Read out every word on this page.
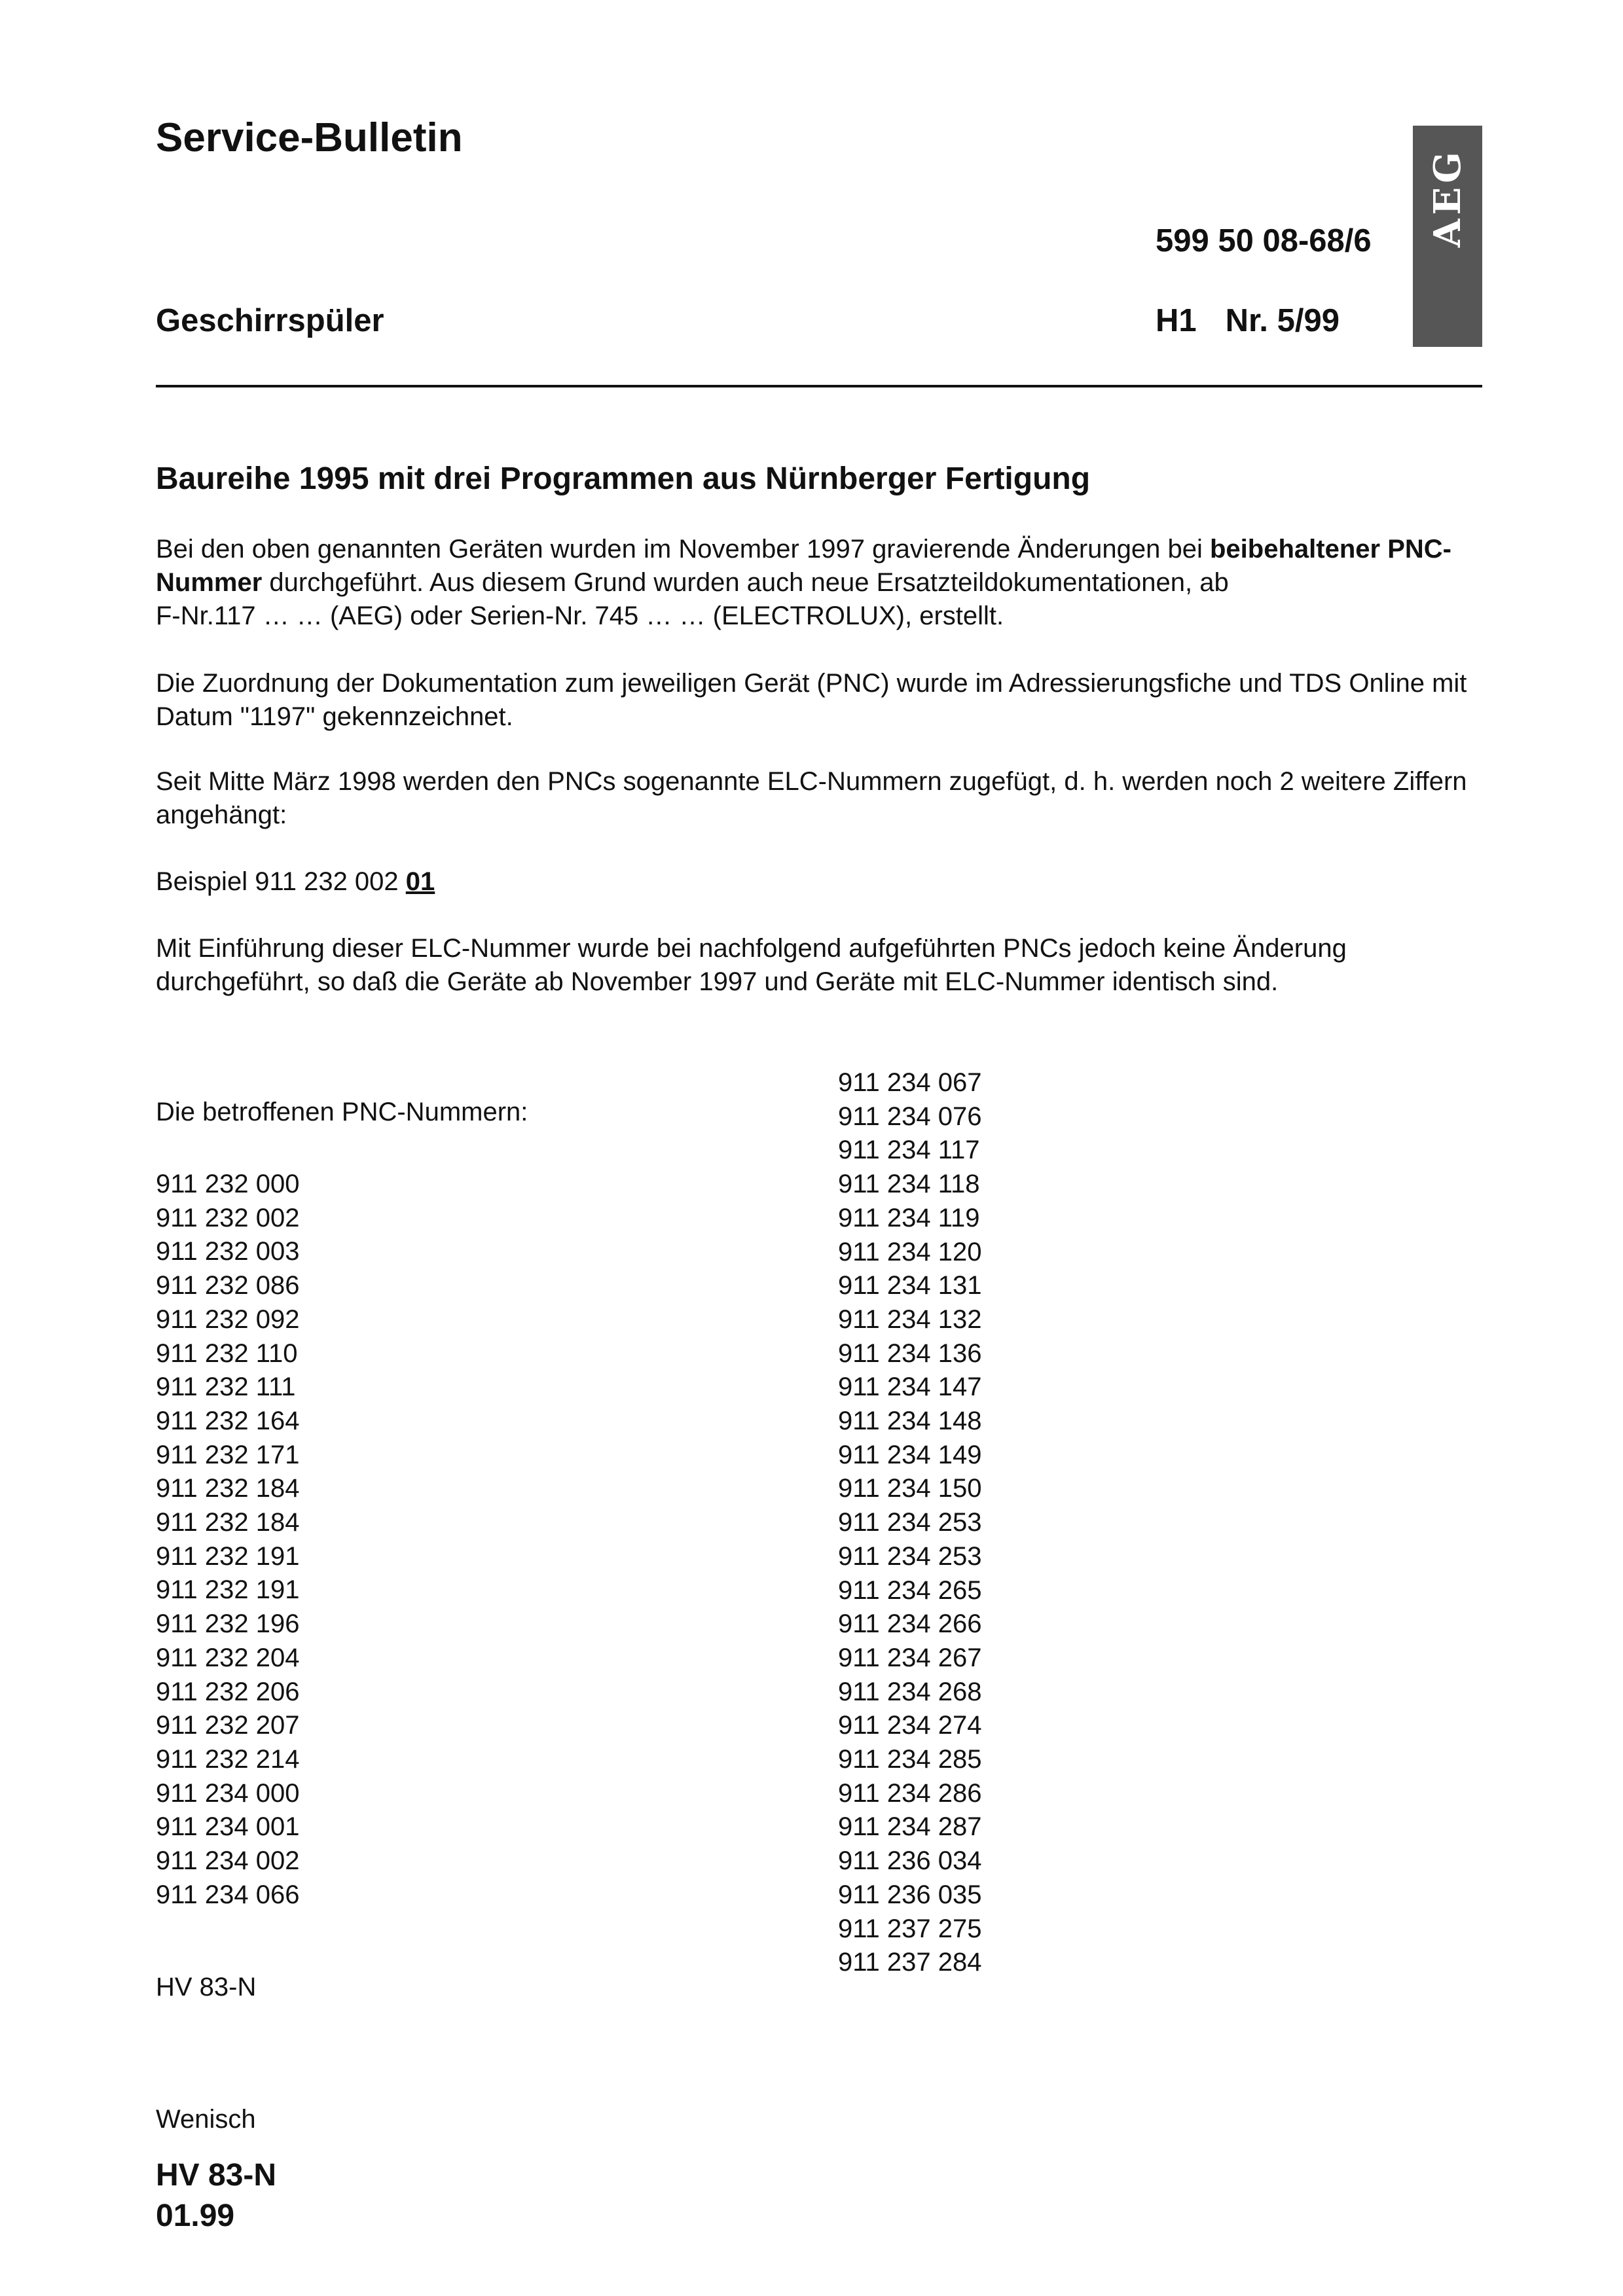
Service-Bulletin
599 50 08-68/6 AEG
Geschirrspüler	H1 Nr. 5/99
Baureihe 1995 mit drei Programmen aus Nürnberger Fertigung
Bei den oben genannten Geräten wurden im November 1997 gravierende Änderungen bei beibehaltener PNC-Nummer durchgeführt. Aus diesem Grund wurden auch neue Ersatzteildokumentationen, ab
F-Nr.117 … … (AEG) oder Serien-Nr. 745 … … (ELECTROLUX), erstellt.
Die Zuordnung der Dokumentation zum jeweiligen Gerät (PNC) wurde im Adressierungsfiche und TDS Online mit Datum "1197" gekennzeichnet.
Seit Mitte März 1998 werden den PNCs sogenannte ELC-Nummern zugefügt, d. h. werden noch 2 weitere Ziffern angehängt:
Beispiel 911 232 002 01
Mit Einführung dieser ELC-Nummer wurde bei nachfolgend aufgeführten PNCs jedoch keine Änderung durchgeführt, so daß die Geräte ab November 1997 und Geräte mit ELC-Nummer identisch sind.
Die betroffenen PNC-Nummern:
911 232 000
911 232 002
911 232 003
911 232 086
911 232 092
911 232 110
911 232 111
911 232 164
911 232 171
911 232 184
911 232 184
911 232 191
911 232 191
911 232 196
911 232 204
911 232 206
911 232 207
911 232 214
911 234 000
911 234 001
911 234 002
911 234 066
911 234 067
911 234 076
911 234 117
911 234 118
911 234 119
911 234 120
911 234 131
911 234 132
911 234 136
911 234 147
911 234 148
911 234 149
911 234 150
911 234 253
911 234 253
911 234 265
911 234 266
911 234 267
911 234 268
911 234 274
911 234 285
911 234 286
911 234 287
911 236 034
911 236 035
911 237 275
911 237 284
HV 83-N
Wenisch
HV 83-N
01.99
